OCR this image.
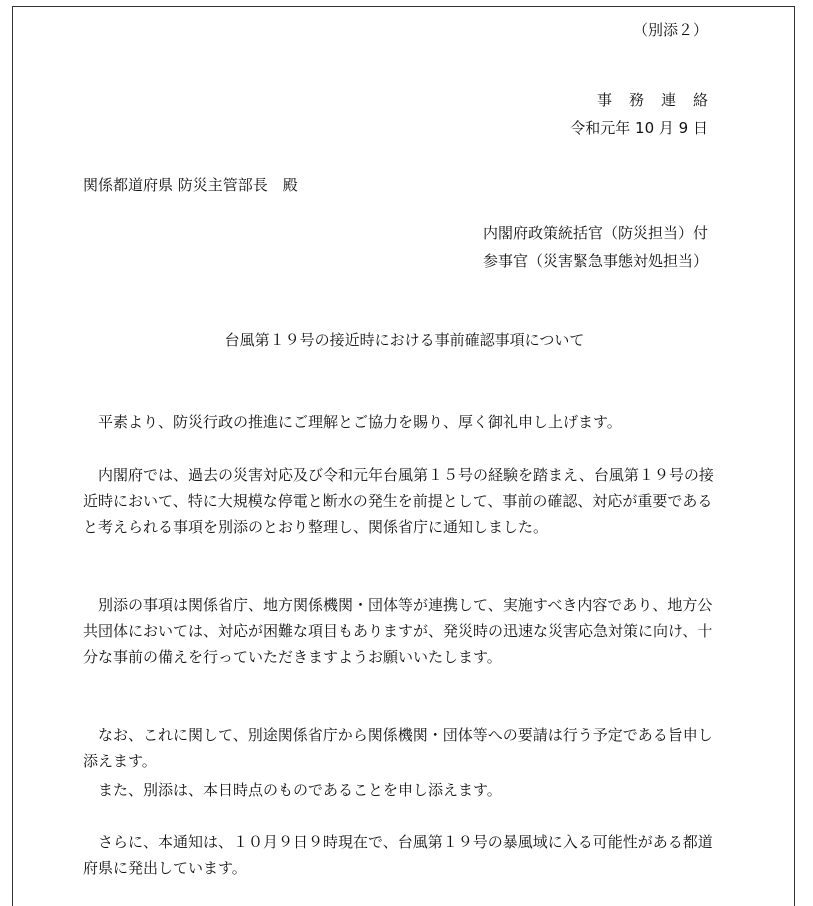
（別添２）
事務連絡
令和元年 10 月 9 日
関係都道府県 防災主管部長　殿
内閣府政策統括官（防災担当）付
参事官（災害緊急事態対処担当）
台風第１９号の接近時における事前確認事項について
平素より、防災行政の推進にご理解とご協力を賜り、厚く御礼申し上げます。
内閣府では、過去の災害対応及び令和元年台風第１５号の経験を踏まえ、台風第１９号の接近時において、特に大規模な停電と断水の発生を前提として、事前の確認、対応が重要であると考えられる事項を別添のとおり整理し、関係省庁に通知しました。
別添の事項は関係省庁、地方関係機関・団体等が連携して、実施すべき内容であり、地方公共団体においては、対応が困難な項目もありますが、発災時の迅速な災害応急対策に向け、十分な事前の備えを行っていただきますようお願いいたします。
なお、これに関して、別途関係省庁から関係機関・団体等への要請は行う予定である旨申し添えます。
また、別添は、本日時点のものであることを申し添えます。
さらに、本通知は、１０月９日９時現在で、台風第１９号の暴風域に入る可能性がある都道府県に発出しています。
